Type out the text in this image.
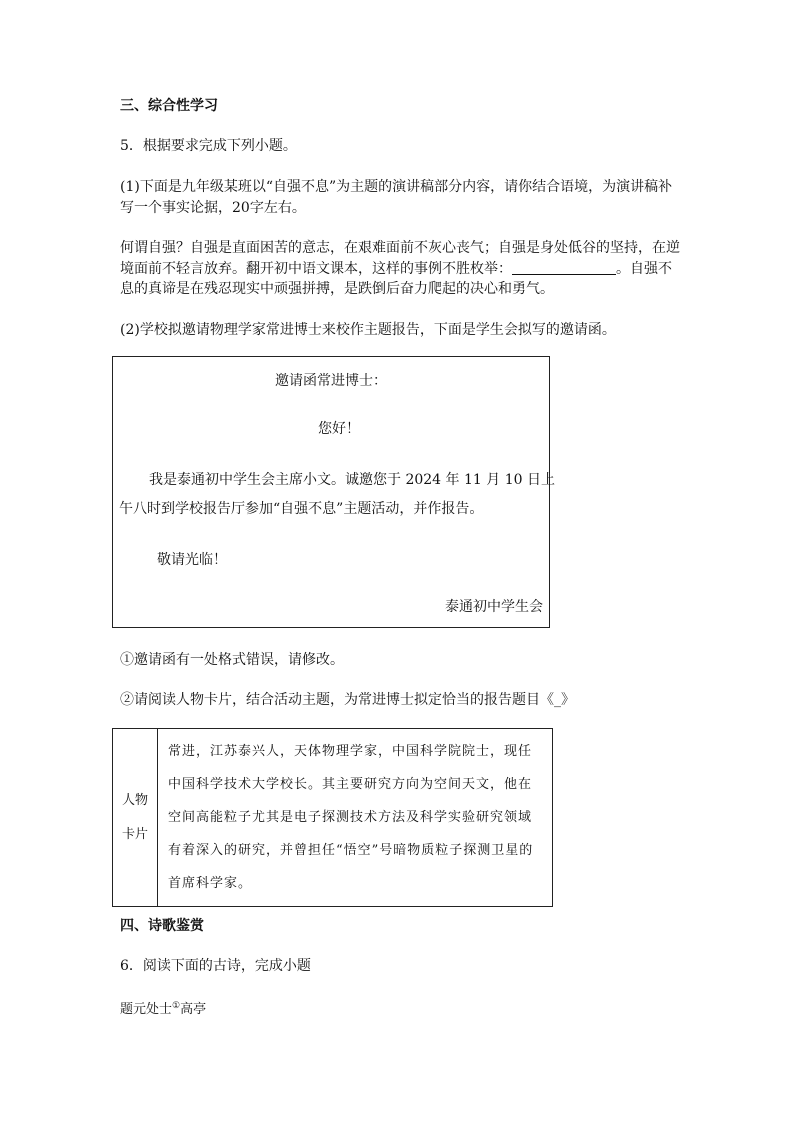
三、综合性学习
5．根据要求完成下列小题。
(1)下面是九年级某班以“自强不息”为主题的演讲稿部分内容，请你结合语境，为演讲稿补
写一个事实论据，20字左右。
何谓自强？自强是直面困苦的意志，在艰难面前不灰心丧气；自强是身处低谷的坚持，在逆
境面前不轻言放弃。翻开初中语文课本，这样的事例不胜枚举：	。自强不
息的真谛是在残忍现实中顽强拼搏，是跌倒后奋力爬起的决心和勇气。
(2)学校拟邀请物理学家常进博士来校作主题报告，下面是学生会拟写的邀请函。
邀请函常进博士：
您好！
我是泰通初中学生会主席小文。诚邀您于 2024 年 11 月 10 日上
午八时到学校报告厅参加“自强不息”主题活动，并作报告。
敬请光临！
泰通初中学生会
①邀请函有一处格式错误，请修改。
②请阅读人物卡片，结合活动主题，为常进博士拟定恰当的报告题目《_》
人物
卡片
	常进，江苏泰兴人，天体物理学家，中国科学院院士，现任中国科学技术大学校长。其主要研究方向为空间天文，他在空间高能粒子尤其是电子探测技术方法及科学实验研究领域有着深入的研究，并曾担任“悟空”号暗物质粒子探测卫星的首席科学家。
四、诗歌鉴赏
6．阅读下面的古诗，完成小题
题元处士①高亭
